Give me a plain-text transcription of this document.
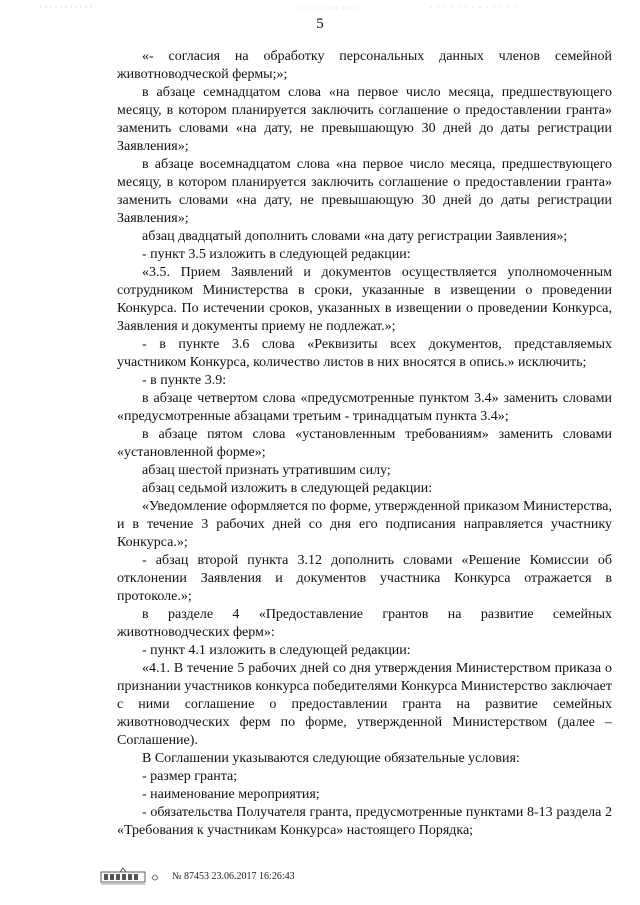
5

«- согласия на обработку персональных данных членов семейной животноводческой фермы;»;

в абзаце семнадцатом слова «на первое число месяца, предшествующего месяцу, в котором планируется заключить соглашение о предоставлении гранта» заменить словами «на дату, не превышающую 30 дней до даты регистрации Заявления»;

в абзаце восемнадцатом слова «на первое число месяца, предшествующего месяцу, в котором планируется заключить соглашение о предоставлении гранта» заменить словами «на дату, не превышающую 30 дней до даты регистрации Заявления»;

абзац двадцатый дополнить словами «на дату регистрации Заявления»;

- пункт 3.5 изложить в следующей редакции:

«3.5. Прием Заявлений и документов осуществляется уполномоченным сотрудником Министерства в сроки, указанные в извещении о проведении Конкурса. По истечении сроков, указанных в извещении о проведении Конкурса, Заявления и документы приему не подлежат.»;

- в пункте 3.6 слова «Реквизиты всех документов, представляемых участником Конкурса, количество листов в них вносятся в опись.» исключить;

- в пункте 3.9:

в абзаце четвертом слова «предусмотренные пунктом 3.4» заменить словами «предусмотренные абзацами третьим - тринадцатым пункта 3.4»;

в абзаце пятом слова «установленным требованиям» заменить словами «установленной форме»;

абзац шестой признать утратившим силу;

абзац седьмой изложить в следующей редакции:

«Уведомление оформляется по форме, утвержденной приказом Министерства, и в течение 3 рабочих дней со дня его подписания направляется участнику Конкурса.»;

- абзац второй пункта 3.12 дополнить словами «Решение Комиссии об отклонении Заявления и документов участника Конкурса отражается в протоколе.»;

в разделе 4 «Предоставление грантов на развитие семейных животноводческих ферм»:

- пункт 4.1 изложить в следующей редакции:

«4.1. В течение 5 рабочих дней со дня утверждения Министерством приказа о признании участников конкурса победителями Конкурса Министерство заключает с ними соглашение о предоставлении гранта на развитие семейных животноводческих ферм по форме, утвержденной Министерством (далее – Соглашение).

В Соглашении указываются следующие обязательные условия:

- размер гранта;

- наименование мероприятия;

- обязательства Получателя гранта, предусмотренные пунктами 8-13 раздела 2 «Требования к участникам Конкурса» настоящего Порядка;

№ 87453 23.06.2017 16:26:43
